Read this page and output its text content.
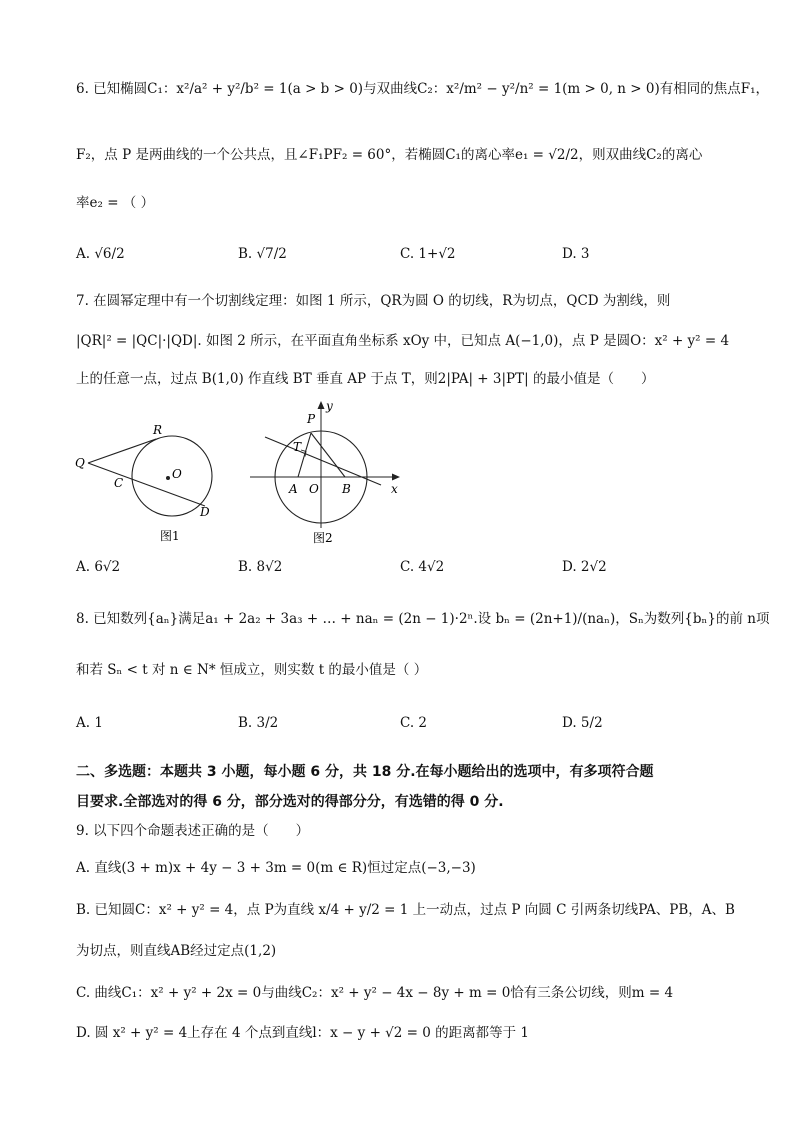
6. 已知椭圆C₁：x²/a² + y²/b² = 1(a > b > 0)与双曲线C₂：x²/m² − y²/n² = 1(m > 0, n > 0)有相同的焦点F₁，
F₂，点 P 是两曲线的一个公共点，且∠F₁PF₂ = 60°，若椭圆C₁的离心率e₁ = √2/2，则双曲线C₂的离心
率e₂ = （ ）
A. √6/2	B. √7/2	C. 1+√2	D. 3
7. 在圆幂定理中有一个切割线定理：如图 1 所示，QR为圆 O 的切线，R为切点，QCD 为割线，则
|QR|² = |QC|·|QD|. 如图 2 所示，在平面直角坐标系 xOy 中，已知点 A(−1,0)，点 P 是圆O：x² + y² = 4
上的任意一点，过点 B(1,0) 作直线 BT 垂直 AP 于点 T，则2|PA| + 3|PT| 的最小值是（　　）
Q
R
C
O
D
图1
P
y
T
A O B	x
图2
A. 6√2	B. 8√2	C. 4√2	D. 2√2
8. 已知数列{aₙ}满足a₁ + 2a₂ + 3a₃ + … + naₙ = (2n − 1)·2ⁿ.设 bₙ = (2n+1)/(naₙ)，Sₙ为数列{bₙ}的前 n项
和若 Sₙ < t 对 n ∈ N* 恒成立，则实数 t 的最小值是（ ）
A. 1	B. 3/2	C. 2	D. 5/2
二、多选题：本题共 3 小题，每小题 6 分，共 18 分.在每小题给出的选项中，有多项符合题
目要求.全部选对的得 6 分，部分选对的得部分分，有选错的得 0 分.
9. 以下四个命题表述正确的是（　　）
A. 直线(3 + m)x + 4y − 3 + 3m = 0(m ∈ R)恒过定点(−3,−3)
B. 已知圆C：x² + y² = 4，点 P为直线 x/4 + y/2 = 1 上一动点，过点 P 向圆 C 引两条切线PA、PB，A、B
为切点，则直线AB经过定点(1,2)
C. 曲线C₁：x² + y² + 2x = 0与曲线C₂：x² + y² − 4x − 8y + m = 0恰有三条公切线，则m = 4
D. 圆 x² + y² = 4上存在 4 个点到直线l：x − y + √2 = 0 的距离都等于 1
